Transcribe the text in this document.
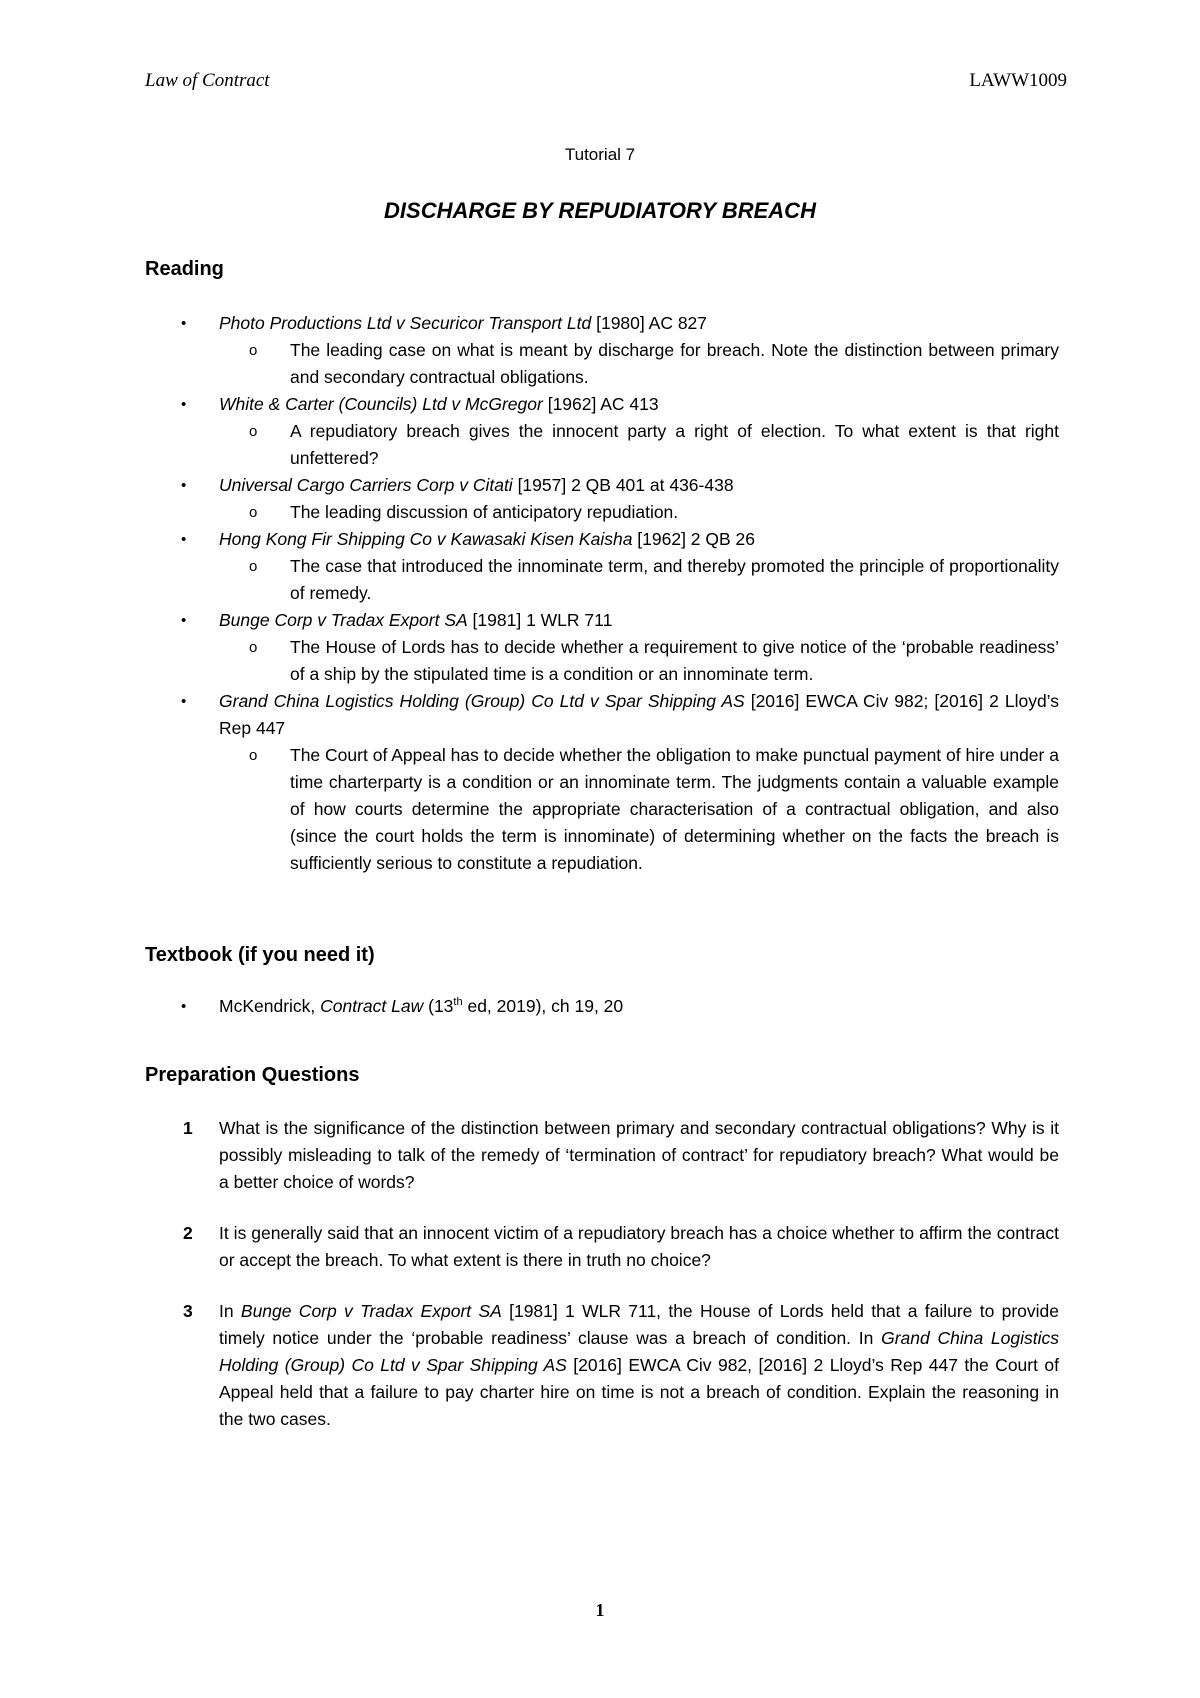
Law of Contract	LAWW1009
Tutorial 7
DISCHARGE BY REPUDIATORY BREACH
Reading
• Photo Productions Ltd v Securicor Transport Ltd [1980] AC 827
o The leading case on what is meant by discharge for breach. Note the distinction between primary and secondary contractual obligations.
• White & Carter (Councils) Ltd v McGregor [1962] AC 413
o A repudiatory breach gives the innocent party a right of election. To what extent is that right unfettered?
• Universal Cargo Carriers Corp v Citati [1957] 2 QB 401 at 436-438
o The leading discussion of anticipatory repudiation.
• Hong Kong Fir Shipping Co v Kawasaki Kisen Kaisha [1962] 2 QB 26
o The case that introduced the innominate term, and thereby promoted the principle of proportionality of remedy.
• Bunge Corp v Tradax Export SA [1981] 1 WLR 711
o The House of Lords has to decide whether a requirement to give notice of the ‘probable readiness’ of a ship by the stipulated time is a condition or an innominate term.
• Grand China Logistics Holding (Group) Co Ltd v Spar Shipping AS [2016] EWCA Civ 982; [2016] 2 Lloyd’s Rep 447
o The Court of Appeal has to decide whether the obligation to make punctual payment of hire under a time charterparty is a condition or an innominate term. The judgments contain a valuable example of how courts determine the appropriate characterisation of a contractual obligation, and also (since the court holds the term is innominate) of determining whether on the facts the breach is sufficiently serious to constitute a repudiation.
Textbook (if you need it)
• McKendrick, Contract Law (13th ed, 2019), ch 19, 20
Preparation Questions
1 What is the significance of the distinction between primary and secondary contractual obligations? Why is it possibly misleading to talk of the remedy of ‘termination of contract’ for repudiatory breach? What would be a better choice of words?
2 It is generally said that an innocent victim of a repudiatory breach has a choice whether to affirm the contract or accept the breach. To what extent is there in truth no choice?
3 In Bunge Corp v Tradax Export SA [1981] 1 WLR 711, the House of Lords held that a failure to provide timely notice under the ‘probable readiness’ clause was a breach of condition. In Grand China Logistics Holding (Group) Co Ltd v Spar Shipping AS [2016] EWCA Civ 982, [2016] 2 Lloyd’s Rep 447 the Court of Appeal held that a failure to pay charter hire on time is not a breach of condition. Explain the reasoning in the two cases.
1
